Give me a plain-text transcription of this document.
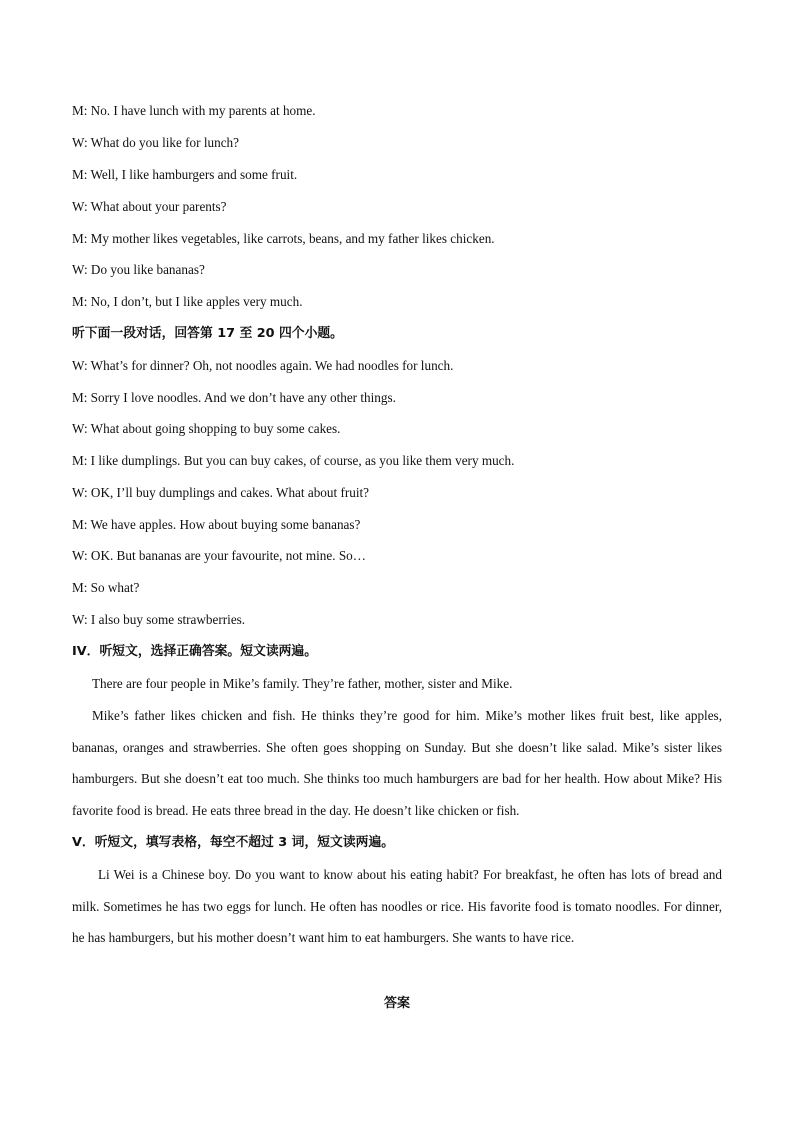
M: No. I have lunch with my parents at home.
W: What do you like for lunch?
M: Well, I like hamburgers and some fruit.
W: What about your parents?
M: My mother likes vegetables, like carrots, beans, and my father likes chicken.
W: Do you like bananas?
M: No, I don’t, but I like apples very much.
听下面一段对话，回答第 17 至 20 四个小题。
W: What’s for dinner? Oh, not noodles again. We had noodles for lunch.
M: Sorry I love noodles. And we don’t have any other things.
W: What about going shopping to buy some cakes.
M: I like dumplings. But you can buy cakes, of course, as you like them very much.
W: OK, I’ll buy dumplings and cakes. What about fruit?
M: We have apples. How about buying some bananas?
W: OK. But bananas are your favourite, not mine. So…
M: So what?
W: I also buy some strawberries.
IV．听短文，选择正确答案。短文读两遍。
There are four people in Mike’s family. They’re father, mother, sister and Mike.
Mike’s father likes chicken and fish. He thinks they’re good for him. Mike’s mother likes fruit best, like apples, bananas, oranges and strawberries. She often goes shopping on Sunday. But she doesn’t like salad. Mike’s sister likes hamburgers. But she doesn’t eat too much. She thinks too much hamburgers are bad for her health. How about Mike? His favorite food is bread. He eats three bread in the day. He doesn’t like chicken or fish.
V．听短文，填写表格，每空不超过 3 词，短文读两遍。
Li Wei is a Chinese boy. Do you want to know about his eating habit? For breakfast, he often has lots of bread and milk. Sometimes he has two eggs for lunch. He often has noodles or rice. His favorite food is tomato noodles. For dinner, he has hamburgers, but his mother doesn’t want him to eat hamburgers. She wants to have rice.
答案
